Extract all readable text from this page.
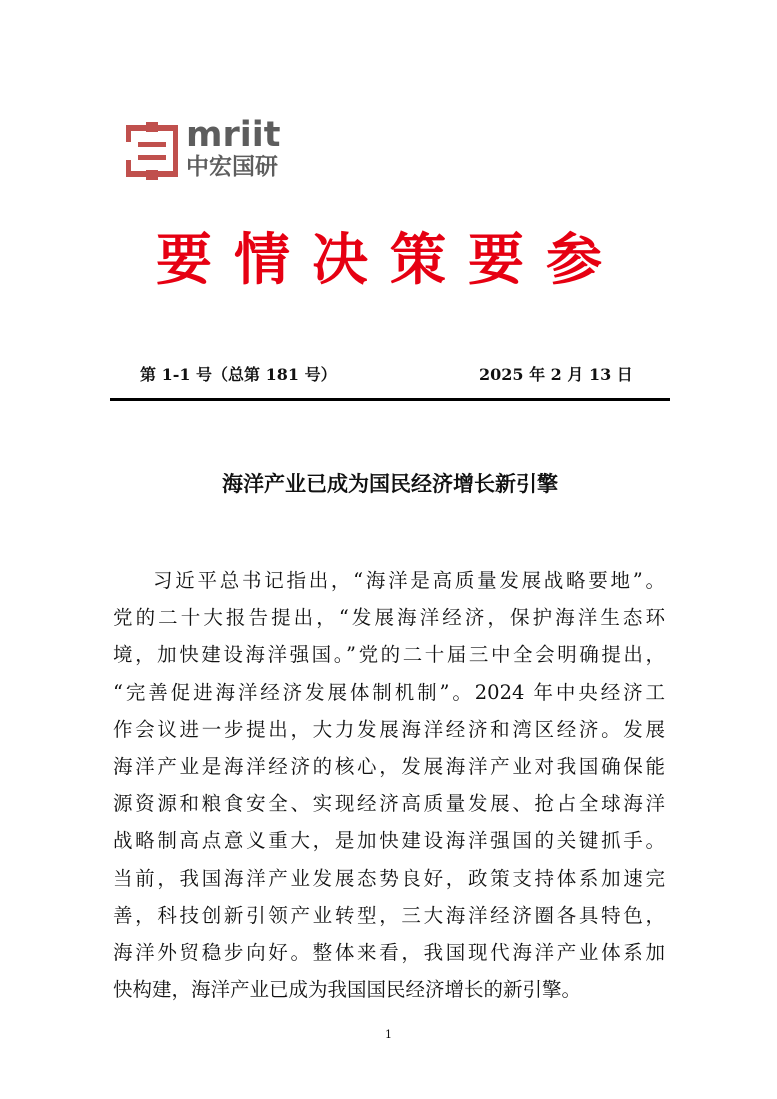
mriit
中宏国研
要情决策要参
第 1-1 号（总第 181 号）	2025 年 2 月 13 日
海洋产业已成为国民经济增长新引擎
习近平总书记指出，“海洋是高质量发展战略要地”。
党的二十大报告提出，“发展海洋经济，保护海洋生态环
境，加快建设海洋强国。”党的二十届三中全会明确提出，
“完善促进海洋经济发展体制机制”。2024 年中央经济工
作会议进一步提出，大力发展海洋经济和湾区经济。发展
海洋产业是海洋经济的核心，发展海洋产业对我国确保能
源资源和粮食安全、实现经济高质量发展、抢占全球海洋
战略制高点意义重大，是加快建设海洋强国的关键抓手。
当前，我国海洋产业发展态势良好，政策支持体系加速完
善，科技创新引领产业转型，三大海洋经济圈各具特色，
海洋外贸稳步向好。整体来看，我国现代海洋产业体系加
快构建，海洋产业已成为我国国民经济增长的新引擎。
1
